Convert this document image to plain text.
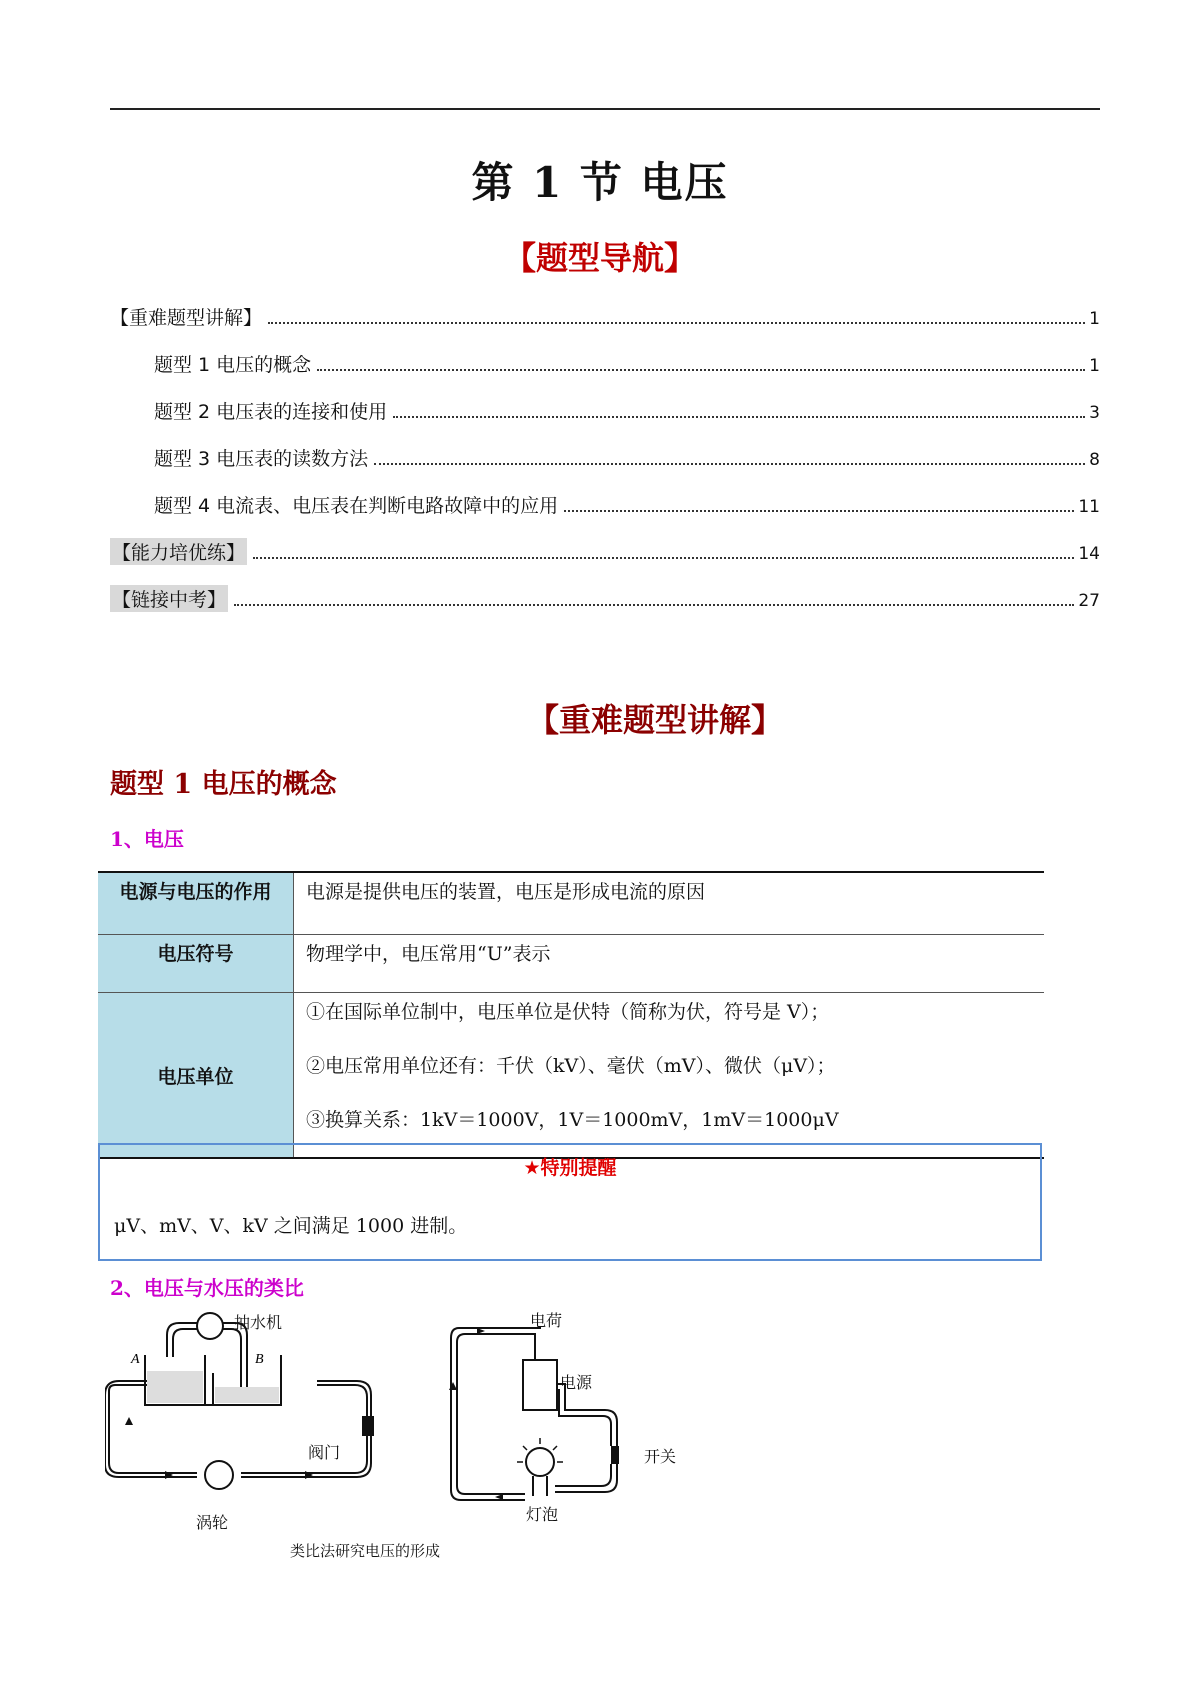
第 1 节 电压
【题型导航】
【重难题型讲解】	1
题型 1 电压的概念	1
题型 2 电压表的连接和使用	3
题型 3 电压表的读数方法	8
题型 4 电流表、电压表在判断电路故障中的应用	11
【能力培优练】	14
【链接中考】	27
【重难题型讲解】
题型 1 电压的概念
1、电压
电源与电压的作用	电源是提供电压的装置，电压是形成电流的原因
电压符号	物理学中，电压常用“U”表示
电压单位	①在国际单位制中，电压单位是伏特（简称为伏，符号是 V）；
②电压常用单位还有：千伏（kV）、毫伏（mV）、微伏（μV）；
③换算关系：1kV＝1000V，1V＝1000mV，1mV＝1000μV
★特别提醒
μV、mV、V、kV 之间满足 1000 进制。
2、电压与水压的类比
A	B
抽水机
阀门
涡轮
电荷
电源
开关
灯泡
类比法研究电压的形成
